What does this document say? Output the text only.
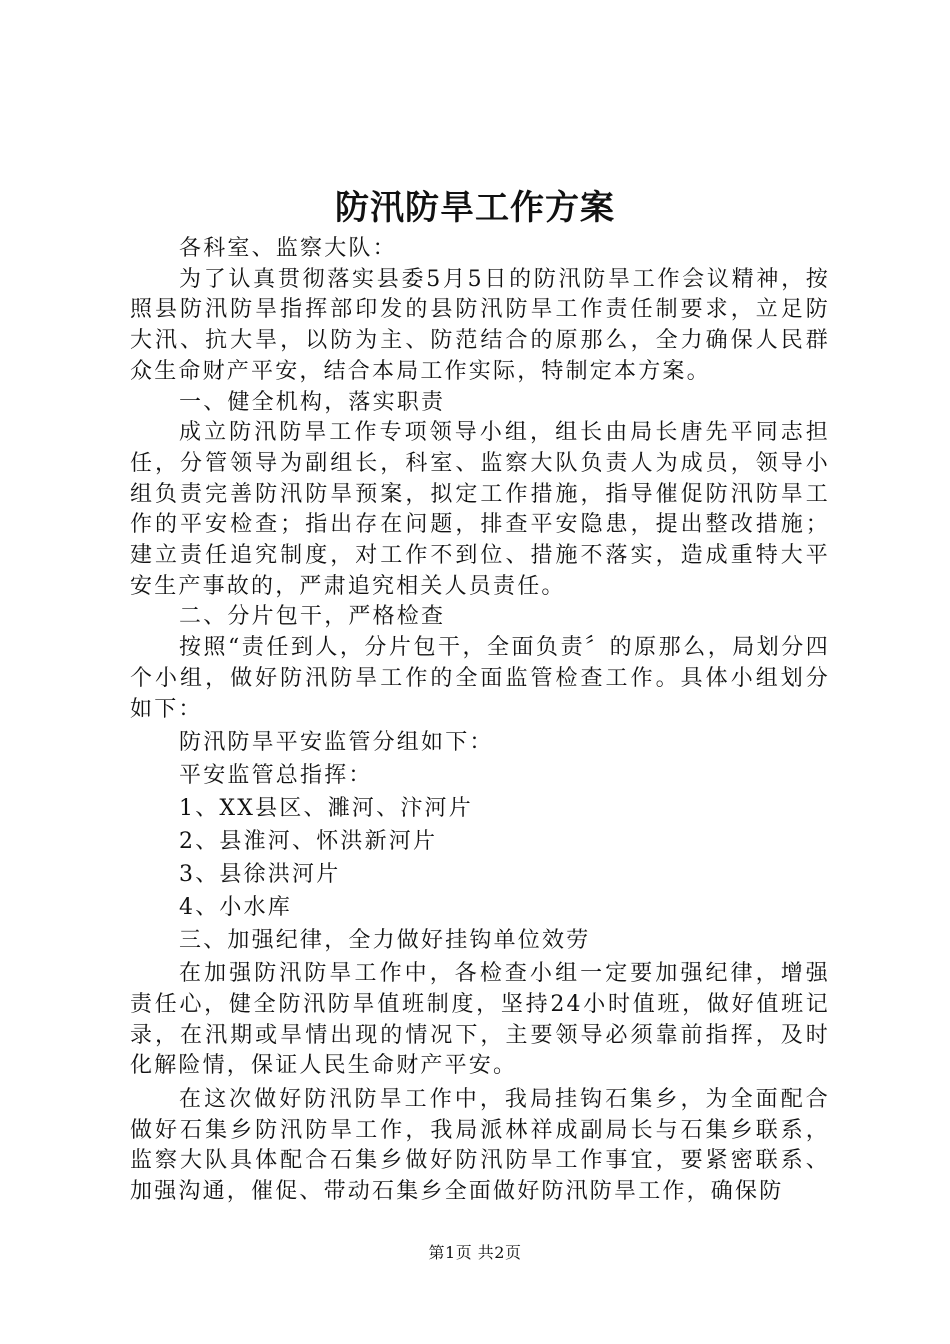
防汛防旱工作方案

各科室、监察大队：

为了认真贯彻落实县委5月5日的防汛防旱工作会议精神，按照县防汛防旱指挥部印发的县防汛防旱工作责任制要求，立足防大汛、抗大旱，以防为主、防范结合的原那么，全力确保人民群众生命财产平安，结合本局工作实际，特制定本方案。

一、健全机构，落实职责

成立防汛防旱工作专项领导小组，组长由局长唐先平同志担任，分管领导为副组长，科室、监察大队负责人为成员，领导小组负责完善防汛防旱预案，拟定工作措施，指导催促防汛防旱工作的平安检查；指出存在问题，排查平安隐患，提出整改措施；建立责任追究制度，对工作不到位、措施不落实，造成重特大平安生产事故的，严肃追究相关人员责任。

二、分片包干，严格检查

按照“责任到人，分片包干，全面负责〞的原那么，局划分四个小组，做好防汛防旱工作的全面监管检查工作。具体小组划分如下：

防汛防旱平安监管分组如下：

平安监管总指挥：

1、XX县区、濉河、汴河片

2、县淮河、怀洪新河片

3、县徐洪河片

4、小水库

三、加强纪律，全力做好挂钩单位效劳

在加强防汛防旱工作中，各检查小组一定要加强纪律，增强责任心，健全防汛防旱值班制度，坚持24小时值班，做好值班记录，在汛期或旱情出现的情况下，主要领导必须靠前指挥，及时化解险情，保证人民生命财产平安。

在这次做好防汛防旱工作中，我局挂钩石集乡，为全面配合做好石集乡防汛防旱工作，我局派林祥成副局长与石集乡联系，监察大队具体配合石集乡做好防汛防旱工作事宜，要紧密联系、加强沟通，催促、带动石集乡全面做好防汛防旱工作，确保防

第1页 共2页
